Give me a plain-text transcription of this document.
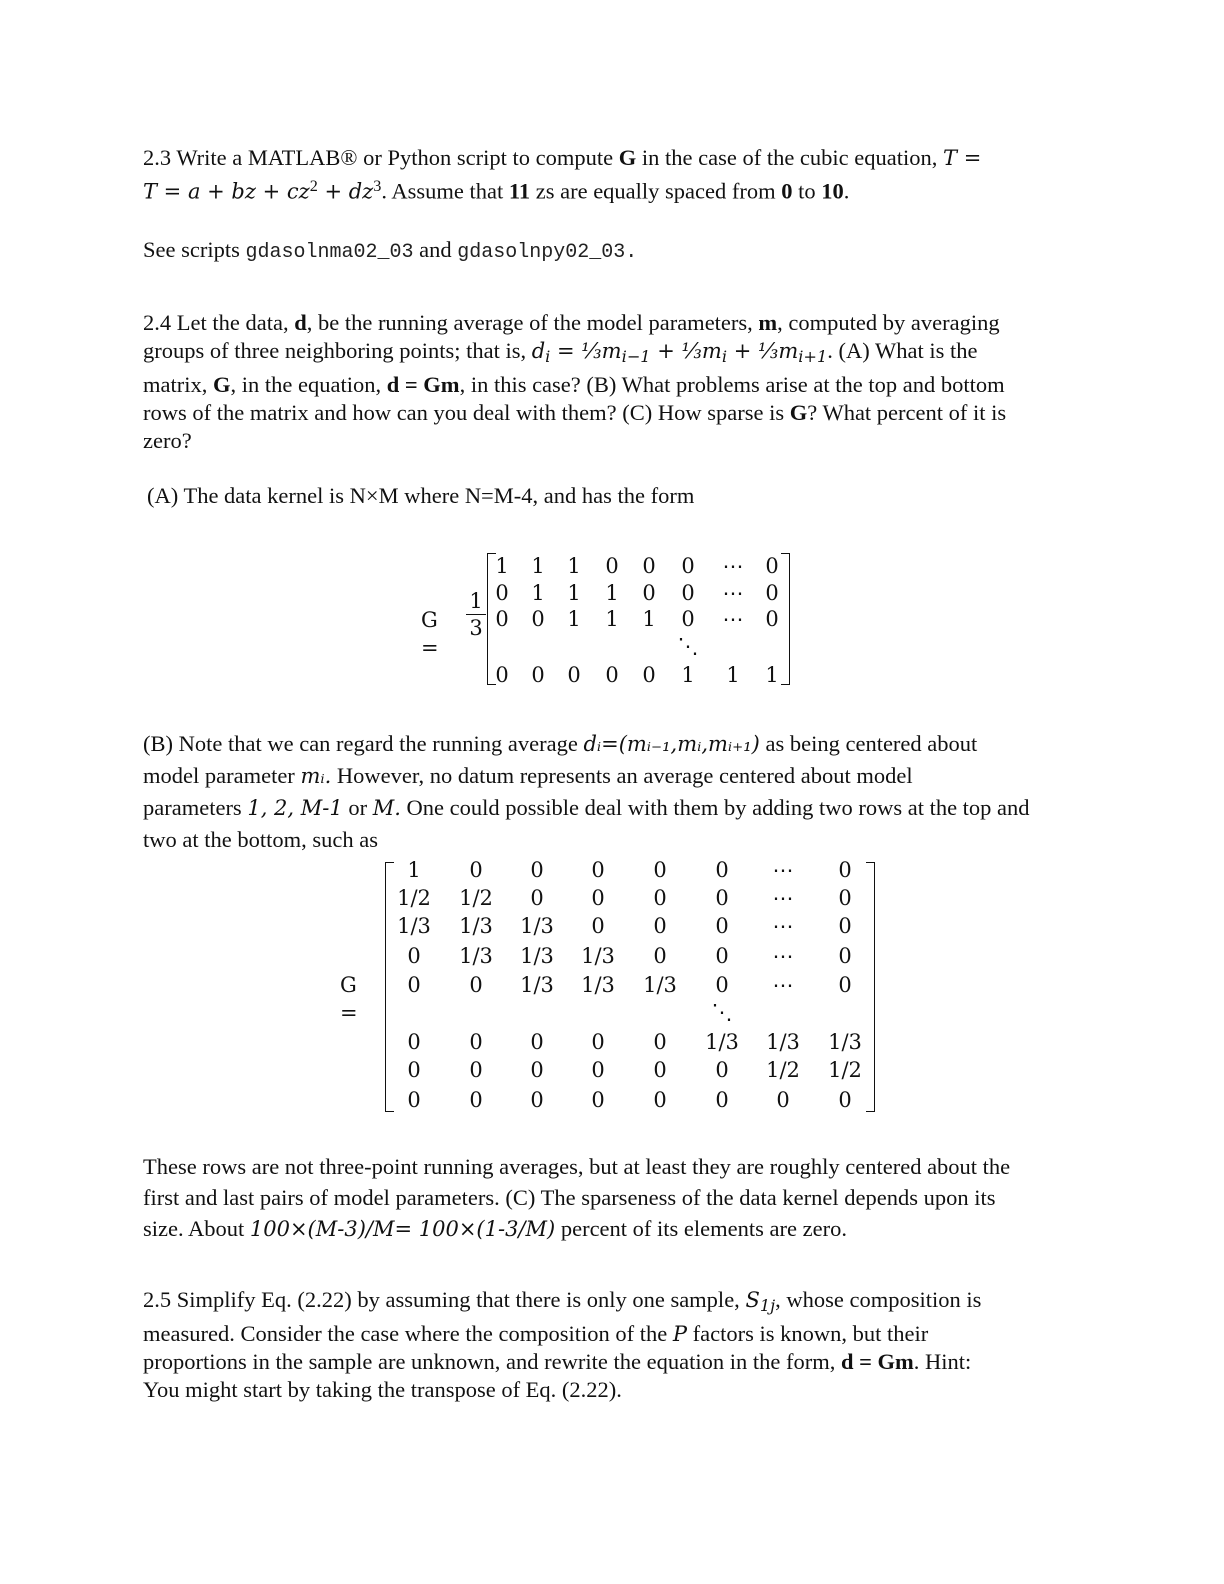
2.3 Write a MATLAB® or Python script to compute G in the case of the cubic equation, T =
T = a + bz + $cz^2 + dz^3$. Assume that 11 zs are equally spaced from 0 to 10.
See scripts gdasolnma02_03 and gdasolnpy02_03.
2.4 Let the data, d, be the running average of the model parameters, m, computed by averaging
groups of three neighboring points; that is, $d_i$ = $\frac{1}{3}m_{i-1}$ + $\frac{1}{3}m_i$ + $\frac{1}{3}m_{i+1}$. (A) What is the
matrix, G, in the equation, d = Gm, in this case? (B) What problems arise at the top and bottom
rows of the matrix and how can you deal with them? (C) How sparse is G? What percent of it is
zero?
(A) The data kernel is N×M where N=M-4, and has the form
G =
1
3
1	1	1	0	0	0	⋯	0
0	1	1	1	0	0	⋯	0
0	0	1	1	1	0	⋯	0
⋱
0	0	0	0	0	1	1	1
(B) Note that we can regard the running average dᵢ=(mᵢ₋₁,mᵢ,mᵢ₊₁) as being centered about
model parameter mᵢ. However, no datum represents an average centered about model
parameters 1, 2, M-1 or M. One could possible deal with them by adding two rows at the top and
two at the bottom, such as
G =
1	0	0	0	0	0	⋯	0
1/2 1/2	0	0	0	0	⋯	0
1/3 1/3 1/3	0	0	0	⋯	0
0	1/3 1/3 1/3	0	0	⋯	0
0	0	1/3 1/3 1/3	0	⋯	0
⋱
0	0	0	0	0	1/3 1/3 1/3
0	0	0	0	0	0	1/2 1/2
0	0	0	0	0	0	0	0
These rows are not three-point running averages, but at least they are roughly centered about the
first and last pairs of model parameters. (C) The sparseness of the data kernel depends upon its
size. About 100×(M-3)/M= 100×(1-3/M) percent of its elements are zero.
2.5 Simplify Eq. (2.22) by assuming that there is only one sample, $S_{1j}$, whose composition is
measured. Consider the case where the composition of the P factors is known, but their
proportions in the sample are unknown, and rewrite the equation in the form, d = Gm. Hint:
You might start by taking the transpose of Eq. (2.22).
